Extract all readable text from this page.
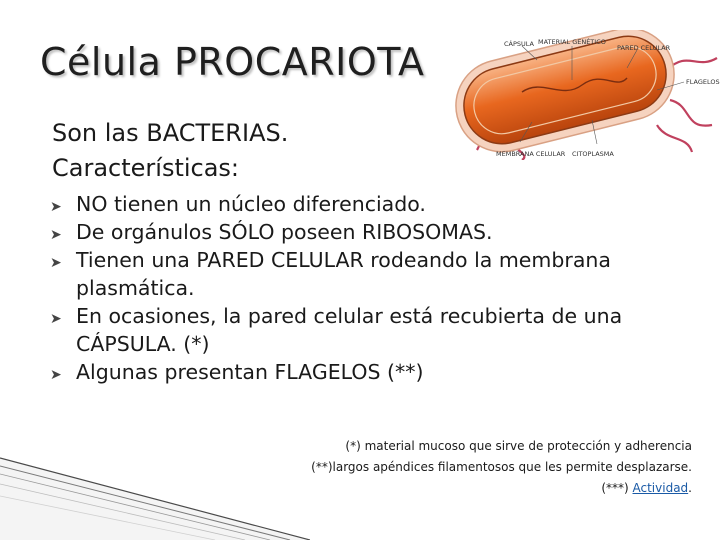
Célula PROCARIOTA	CÁPSULA MATERIAL GENÉTICO
PARED CELULAR
FLAGELOS
MEMBRANA CELULAR CITOPLASMA
Son las BACTERIAS.
Características:
➤ NO tienen un núcleo diferenciado.
➤ De orgánulos SÓLO poseen RIBOSOMAS.
➤ Tienen una PARED CELULAR rodeando la membrana plasmática.
➤ En ocasiones, la pared celular está recubierta de una CÁPSULA. (*)
➤ Algunas presentan FLAGELOS (**)
(*) material mucoso que sirve de protección y adherencia
(**)largos apéndices filamentosos que les permite desplazarse.
(***) Actividad.
